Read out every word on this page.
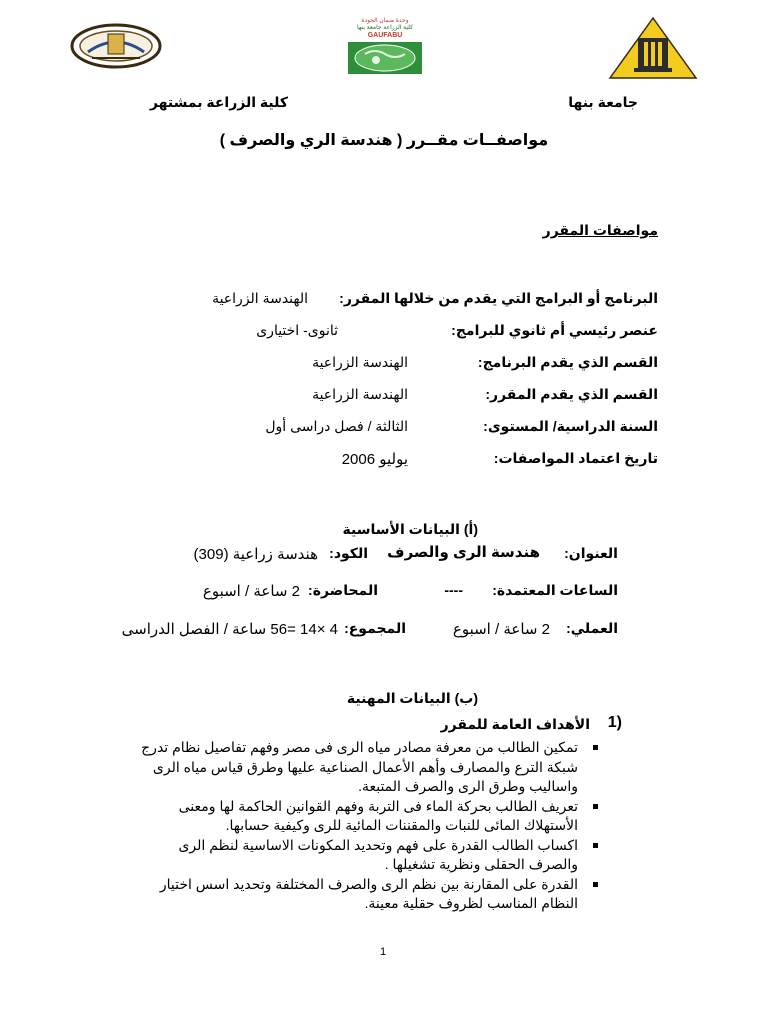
وحدة ضمان الجودة
كلية الزراعة جامعة بنها
GAUFABU
جامعة بنها
كلية الزراعة بمشتهر
مواصفــات مقــرر ( هندسة الري والصرف )
مواصفات المقرر
البرنامج أو البرامج التي يقدم من خلالها المقرر:
الهندسة الزراعية
عنصر رئيسي أم ثانوي للبرامج:
ثانوى- اختيارى
القسم الذي يقدم البرنامج:
الهندسة الزراعية
القسم الذي يقدم المقرر:
الهندسة الزراعية
السنة الدراسية/ المستوى:
الثالثة / فصل دراسى أول
تاريخ اعتماد المواصفات:
يوليو 2006
(أ) البيانات الأساسية
العنوان:
هندسة الرى والصرف
الكود:
هندسة زراعية (309)
الساعات المعتمدة:
----
المحاضرة:
2 ساعة / اسبوع
العملي:
2 ساعة / اسبوع
المجموع:
4 ×14 =56 ساعة / الفصل الدراسى
(ب) البيانات المهنية
1)
الأهداف العامة للمقرر

تمكين الطالب من معرفة مصادر مياه الرى فى مصر وفهم تفاصيل نظام تدرج شبكة الترع والمصارف وأهم الأعمال الصناعية عليها وطرق قياس مياه الرى واساليب وطرق الرى والصرف المتبعة.

تعريف الطالب بحركة الماء فى التربة وفهم القوانين الحاكمة لها ومعنى الأستهلاك المائى للنبات والمقننات المائية للرى وكيفية حسابها.

اكساب الطالب القدرة على فهم وتحديد المكونات الاساسية لنظم الرى والصرف الحقلى ونظرية تشغيلها .

القدرة على المقارنة بين نظم الرى والصرف المختلفة وتحديد اسس اختيار النظام المناسب لظروف حقلية معينة.

1
